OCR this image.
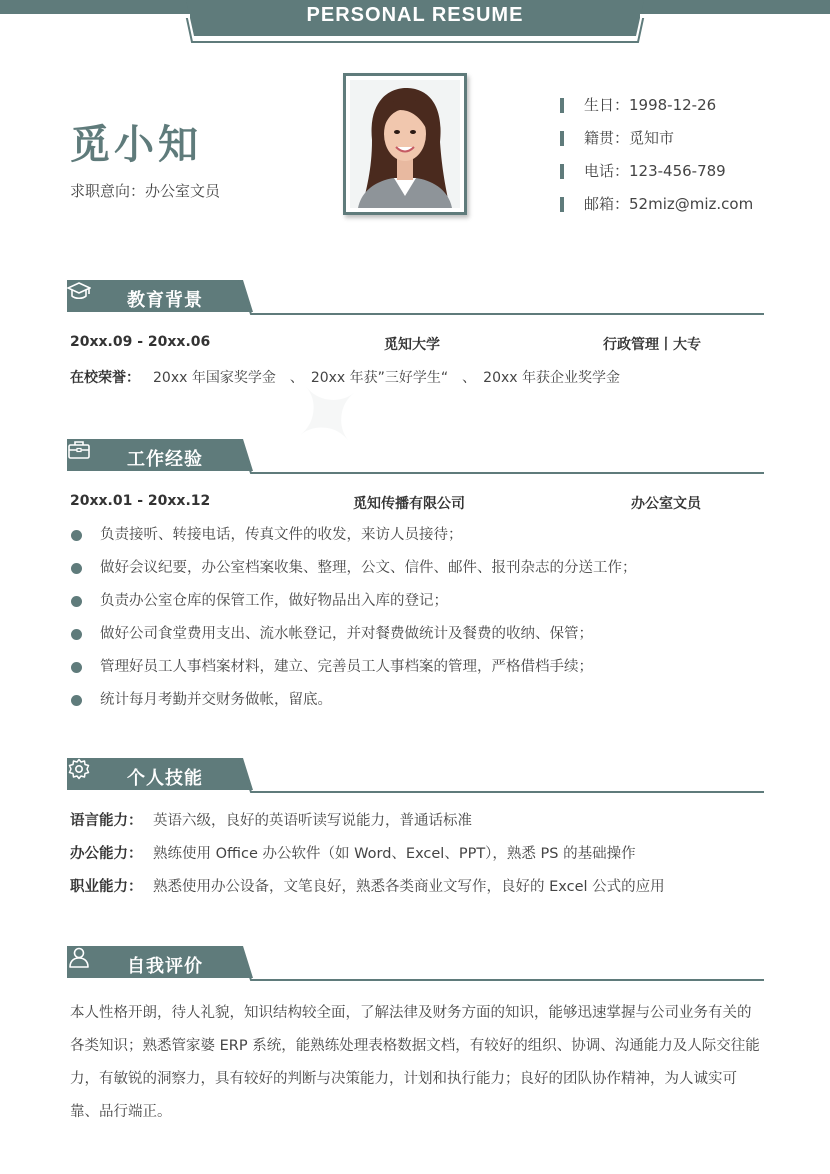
PERSONAL RESUME
✦
觅小知
求职意向：办公室文员
生日：1998-12-26
籍贯：觅知市
电话：123-456-789
邮箱：52miz@miz.com
教育背景
20xx.09 - 20xx.06	觅知大学	行政管理丨大专
在校荣誉： 20xx 年国家奖学金　、　20xx 年获”三好学生“　、　20xx 年获企业奖学金
工作经验
20xx.01 - 20xx.12	觅知传播有限公司	办公室文员
负责接听、转接电话，传真文件的收发，来访人员接待；
做好会议纪要，办公室档案收集、整理，公文、信件、邮件、报刊杂志的分送工作；
负责办公室仓库的保管工作，做好物品出入库的登记；
做好公司食堂费用支出、流水帐登记，并对餐费做统计及餐费的收纳、保管；
管理好员工人事档案材料，建立、完善员工人事档案的管理，严格借档手续；
统计每月考勤并交财务做帐，留底。
个人技能
语言能力： 英语六级，良好的英语听读写说能力，普通话标准
办公能力： 熟练使用 Office 办公软件（如 Word、Excel、PPT），熟悉 PS 的基础操作
职业能力： 熟悉使用办公设备，文笔良好，熟悉各类商业文写作，良好的 Excel 公式的应用
自我评价
本人性格开朗，待人礼貌，知识结构较全面，了解法律及财务方面的知识，能够迅速掌握与公司业务有关的各类知识；熟悉管家婆 ERP 系统，能熟练处理表格数据文档，有较好的组织、协调、沟通能力及人际交往能力，有敏锐的洞察力，具有较好的判断与决策能力，计划和执行能力；良好的团队协作精神，为人诚实可靠、品行端正。
